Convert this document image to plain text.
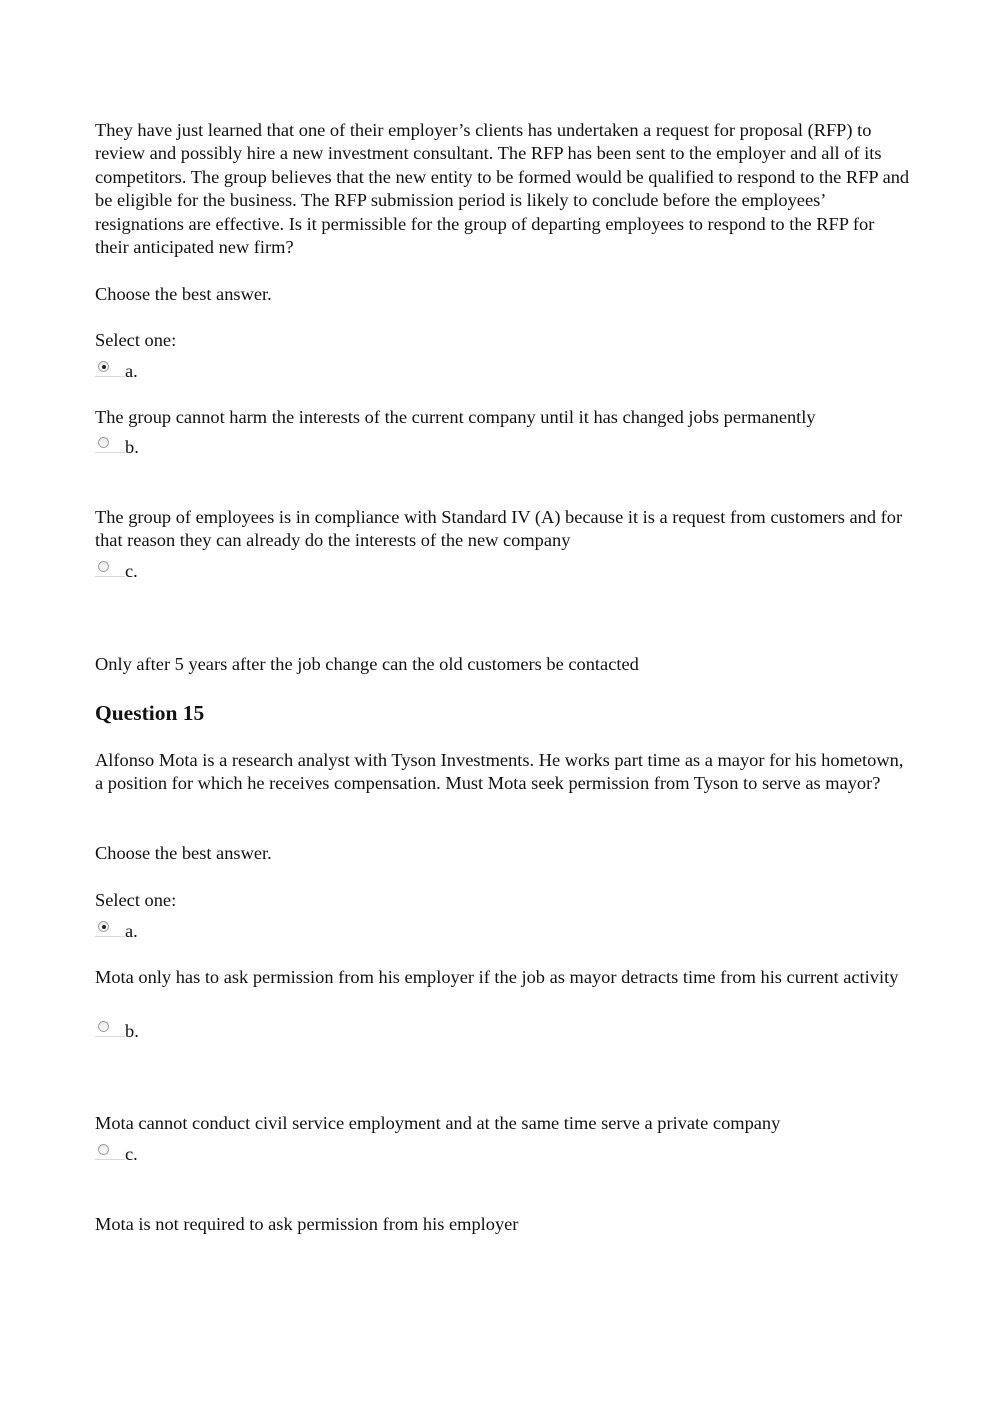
They have just learned that one of their employer’s clients has undertaken a request for proposal (RFP) to review and possibly hire a new investment consultant. The RFP has been sent to the employer and all of its competitors. The group believes that the new entity to be formed would be qualified to respond to the RFP and be eligible for the business. The RFP submission period is likely to conclude before the employees’ resignations are effective. Is it permissible for the group of departing employees to respond to the RFP for their anticipated new firm?

Choose the best answer.

Select one:

a.

The group cannot harm the interests of the current company until it has changed jobs permanently

b.

The group of employees is in compliance with Standard IV (A) because it is a request from customers and for that reason they can already do the interests of the new company

c.

Only after 5 years after the job change can the old customers be contacted

Question 15

Alfonso Mota is a research analyst with Tyson Investments. He works part time as a mayor for his hometown, a position for which he receives compensation. Must Mota seek permission from Tyson to serve as mayor?

Choose the best answer.

Select one:

a.

Mota only has to ask permission from his employer if the job as mayor detracts time from his current activity

b.

Mota cannot conduct civil service employment and at the same time serve a private company

c.

Mota is not required to ask permission from his employer
